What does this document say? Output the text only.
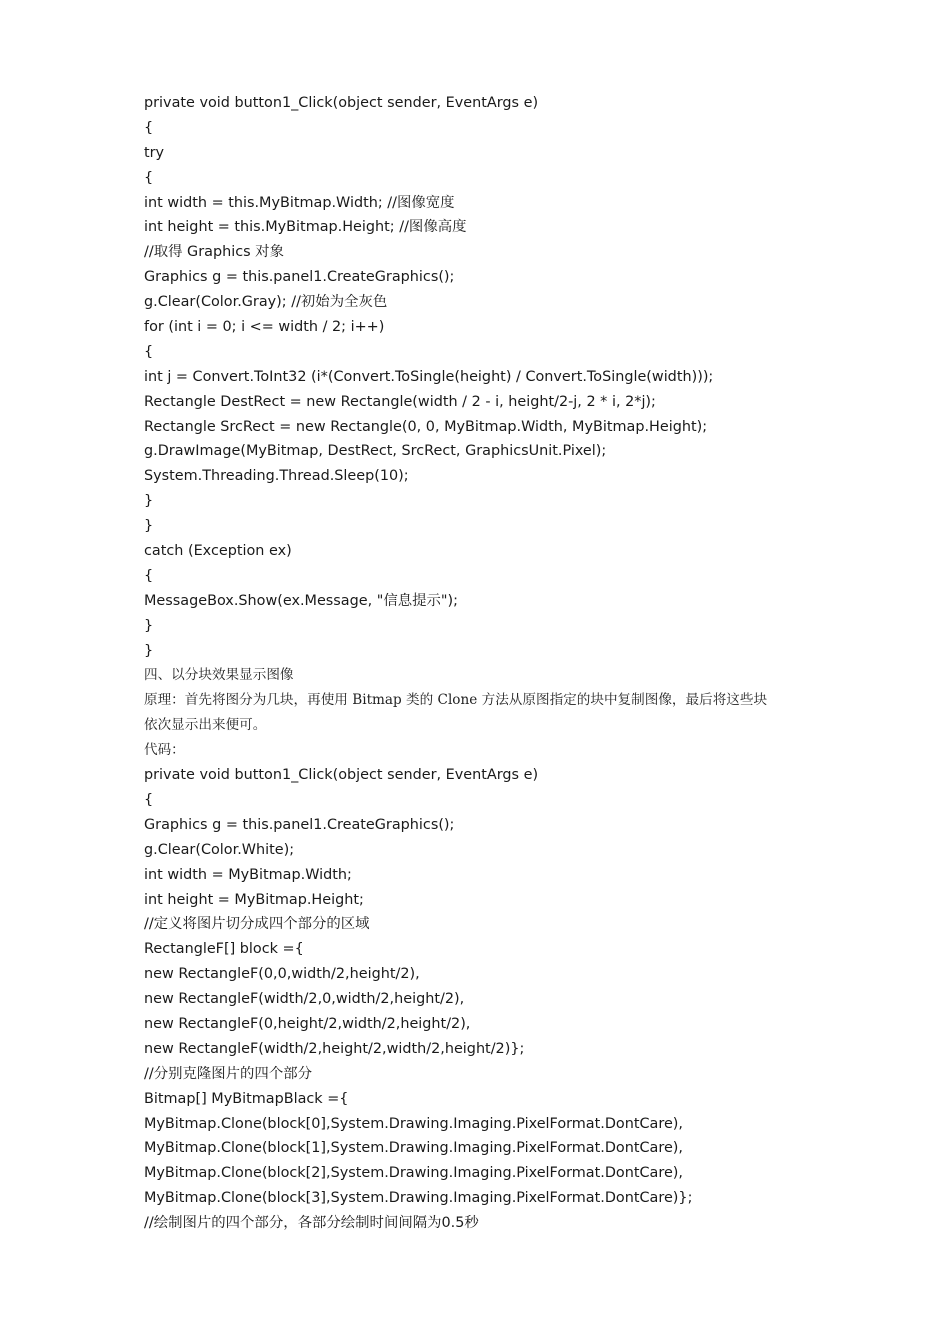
private void button1_Click(object sender, EventArgs e)
{
try
{
int width = this.MyBitmap.Width; //图像宽度
int height = this.MyBitmap.Height; //图像高度
//取得 Graphics 对象
Graphics g = this.panel1.CreateGraphics();
g.Clear(Color.Gray); //初始为全灰色
for (int i = 0; i <= width / 2; i++)
{
int j = Convert.ToInt32 (i*(Convert.ToSingle(height) / Convert.ToSingle(width)));
Rectangle DestRect = new Rectangle(width / 2 - i, height/2-j, 2 * i, 2*j);
Rectangle SrcRect = new Rectangle(0, 0, MyBitmap.Width, MyBitmap.Height);
g.DrawImage(MyBitmap, DestRect, SrcRect, GraphicsUnit.Pixel);
System.Threading.Thread.Sleep(10);
}
}
catch (Exception ex)
{
MessageBox.Show(ex.Message, "信息提示");
}
}
四、以分块效果显示图像
原理：首先将图分为几块，再使用 Bitmap 类的 Clone 方法从原图指定的块中复制图像，最后将这些块
依次显示出来便可。
代码：
private void button1_Click(object sender, EventArgs e)
{
Graphics g = this.panel1.CreateGraphics();
g.Clear(Color.White);
int width = MyBitmap.Width;
int height = MyBitmap.Height;
//定义将图片切分成四个部分的区域
RectangleF[] block ={
new RectangleF(0,0,width/2,height/2),
new RectangleF(width/2,0,width/2,height/2),
new RectangleF(0,height/2,width/2,height/2),
new RectangleF(width/2,height/2,width/2,height/2)};
//分别克隆图片的四个部分
Bitmap[] MyBitmapBlack ={
MyBitmap.Clone(block[0],System.Drawing.Imaging.PixelFormat.DontCare),
MyBitmap.Clone(block[1],System.Drawing.Imaging.PixelFormat.DontCare),
MyBitmap.Clone(block[2],System.Drawing.Imaging.PixelFormat.DontCare),
MyBitmap.Clone(block[3],System.Drawing.Imaging.PixelFormat.DontCare)};
//绘制图片的四个部分，各部分绘制时间间隔为0.5秒
